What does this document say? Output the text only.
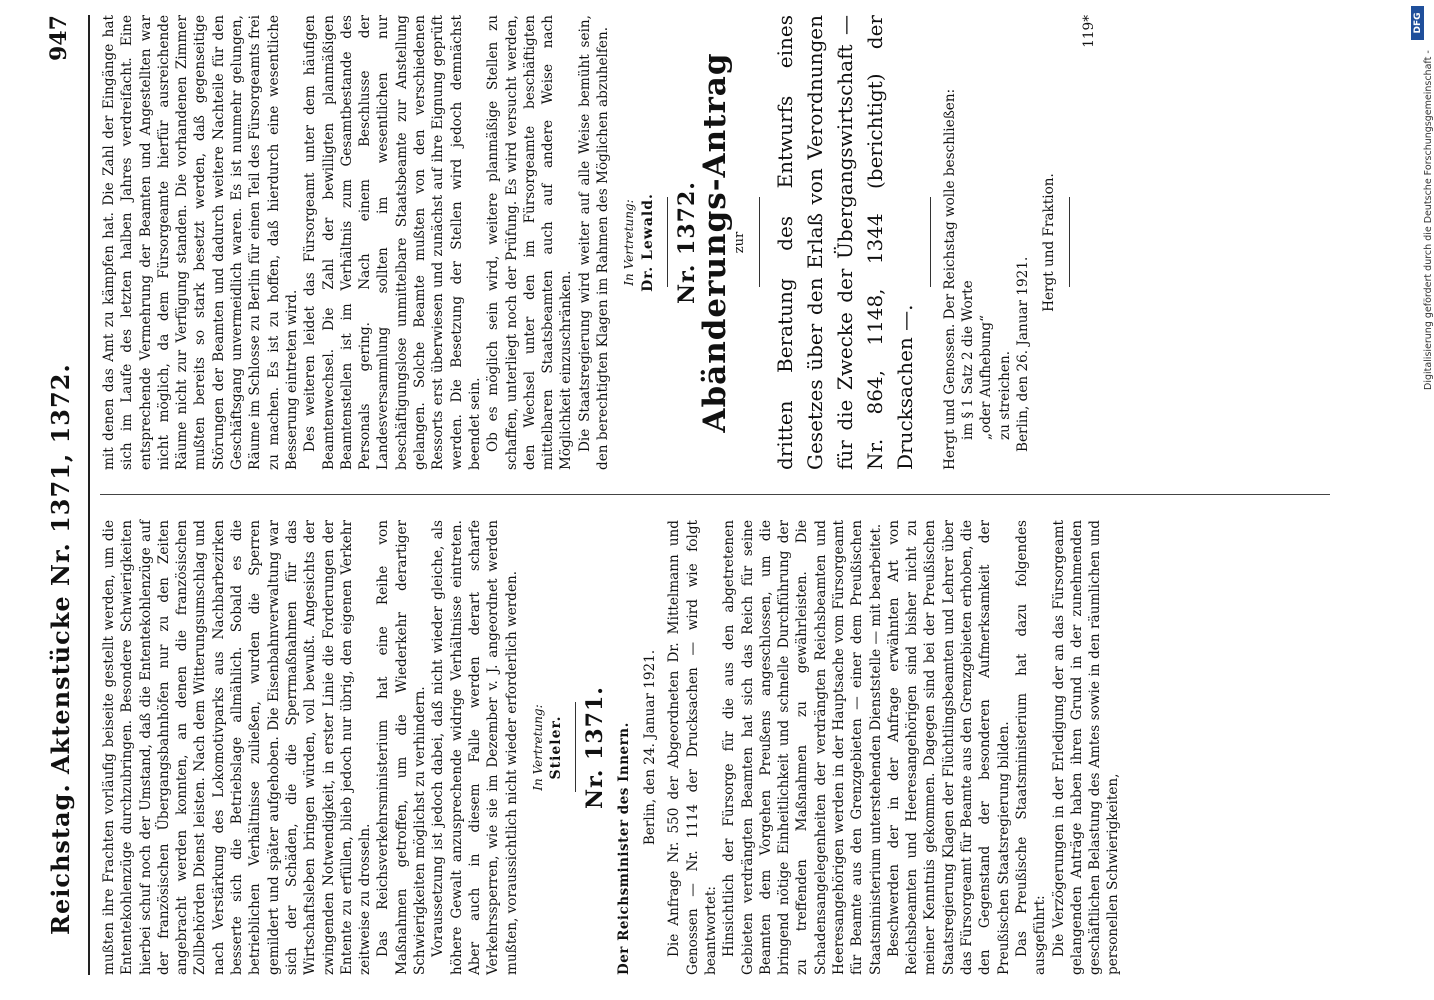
Reichstag. Aktenstücke Nr. 1371, 1372.
947

mußten ihre Frachten vorläufig beiseite gestellt werden, um die Ententekohlenzüge durchzubringen. Besondere Schwierigkeiten hierbei schuf noch der Umstand, daß die Ententekohlenzüge auf der französischen Übergangsbahnhöfen nur zu den Zeiten angebracht werden konnten, an denen die französischen Zollbehörden Dienst leisten. Nach dem Witterungsumschlag und nach Verstärkung des Lokomotivparks aus Nachbarbezirken besserte sich die Betriebslage allmählich. Sobald es die betrieblichen Verhältnisse zuließen, wurden die Sperren gemildert und später aufgehoben. Die Eisenbahnverwaltung war sich der Schäden, die die Sperrmaßnahmen für das Wirtschaftsleben bringen würden, voll bewußt. Angesichts der zwingenden Notwendigkeit, in erster Linie die Forderungen der Entente zu erfüllen, blieb jedoch nur übrig, den eigenen Verkehr zeitweise zu drosseln. Das Reichsverkehrsministerium hat eine Reihe von Maßnahmen getroffen, um die Wiederkehr derartiger Schwierigkeiten möglichst zu verhindern. Voraussetzung ist jedoch dabei, daß nicht wieder gleiche, als höhere Gewalt anzusprechende widrige Verhältnisse eintreten. Aber auch in diesem Falle werden derart scharfe Verkehrssperren, wie sie im Dezember v. J. angeordnet werden mußten, voraussichtlich nicht wieder erforderlich werden. In Vertretung: Stieler. Nr. 1371. Der Reichsminister des Innern. Berlin, den 24. Januar 1921. Die Anfrage Nr. 550 der Abgeordneten Dr. Mittelmann und Genossen — Nr. 1114 der Drucksachen — wird wie folgt beantwortet: Hinsichtlich der Fürsorge für die aus den abgetretenen Gebieten verdrängten Beamten hat sich das Reich für seine Beamten dem Vorgehen Preußens angeschlossen, um die bringend nötige Einheitlichkeit und schnelle Durchführung der zu treffenden Maßnahmen zu gewährleisten. Die Schadensangelegenheiten der verdrängten Reichsbeamten und Heeresangehörigen werden in der Hauptsache vom Fürsorgeamt für Beamte aus den Grenzgebieten — einer dem Preußischen Staatsministerium unterstehenden Dienststelle — mit bearbeitet. Beschwerden der in der Anfrage erwähnten Art von Reichsbeamten und Heeresangehörigen sind bisher nicht zu meiner Kenntnis gekommen. Dagegen sind bei der Preußischen Staatsregierung Klagen der Flüchtlingsbeamten und Lehrer über das Fürsorgeamt für Beamte aus den Grenzgebieten erhoben, die den Gegenstand der besonderen Aufmerksamkeit der Preußischen Staatsregierung bilden. Das Preußische Staatsministerium hat dazu folgendes ausgeführt: Die Verzögerungen in der Erledigung der an das Fürsorgeamt gelangenden Anträge haben ihren Grund in der zunehmenden geschäftlichen Belastung des Amtes sowie in den räumlichen und personellen Schwierigkeiten,

mit denen das Amt zu kämpfen hat. Die Zahl der Eingänge hat sich im Laufe des letzten halben Jahres verdreifacht. Eine entsprechende Vermehrung der Beamten und Angestellten war nicht möglich, da dem Fürsorgeamte hierfür ausreichende Räume nicht zur Verfügung standen. Die vorhandenen Zimmer mußten bereits so stark besetzt werden, daß gegenseitige Störungen der Beamten und dadurch weitere Nachteile für den Geschäftsgang unvermeidlich waren. Es ist nunmehr gelungen, Räume im Schlosse zu Berlin für einen Teil des Fürsorgeamts frei zu machen. Es ist zu hoffen, daß hierdurch eine wesentliche Besserung eintreten wird. Des weiteren leidet das Fürsorgeamt unter dem häufigen Beamtenwechsel. Die Zahl der bewilligten planmäßigen Beamtenstellen ist im Verhältnis zum Gesamtbestande des Personals gering. Nach einem Beschlusse der Landesversammlung sollten im wesentlichen nur beschäftigungslose unmittelbare Staatsbeamte zur Anstellung gelangen. Solche Beamte mußten von den verschiedenen Ressorts erst überwiesen und zunächst auf ihre Eignung geprüft werden. Die Besetzung der Stellen wird jedoch demnächst beendet sein. Ob es möglich sein wird, weitere planmäßige Stellen zu schaffen, unterliegt noch der Prüfung. Es wird versucht werden, den Wechsel unter den im Fürsorgeamte beschäftigten mittelbaren Staatsbeamten auch auf andere Weise nach Möglichkeit einzuschränken. Die Staatsregierung wird weiter auf alle Weise bemüht sein, den berechtigten Klagen im Rahmen des Möglichen abzuhelfen. In Vertretung: Dr. Lewald. Nr. 1372.
Abänderungs-Antrag
zur dritten Beratung des Entwurfs eines Gesetzes über den Erlaß von Verordnungen für die Zwecke der Übergangswirtschaft — Nr. 864, 1148, 1344 (berichtigt) der Drucksachen —. Hergt und Genossen. Der Reichstag wolle beschließen: im § 1 Satz 2 die Worte „oder Aufhebung“ zu streichen. Berlin, den 26. Januar 1921.
Hergt und Fraktion.
119*	DFG
Digitalisierung gefördert durch die Deutsche Forschungsgemeinschaft -
